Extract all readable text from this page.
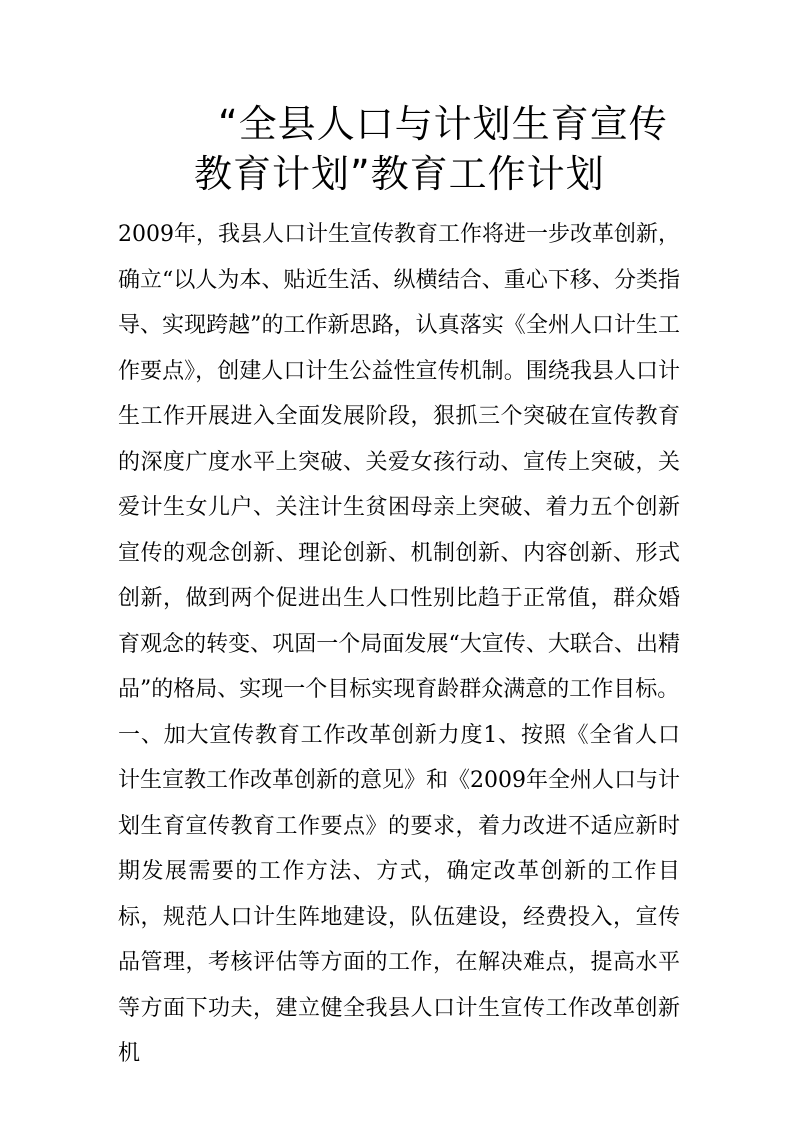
“全县人口与计划生育宣传
教育计划”教育工作计划

2009年，我县人口计生宣传教育工作将进一步改革创新，确立“以人为本、贴近生活、纵横结合、重心下移、分类指导、实现跨越”的工作新思路，认真落实《全州人口计生工作要点》，创建人口计生公益性宣传机制。围绕我县人口计生工作开展进入全面发展阶段，狠抓三个突破在宣传教育的深度广度水平上突破、关爱女孩行动、宣传上突破，关爱计生女儿户、关注计生贫困母亲上突破、着力五个创新宣传的观念创新、理论创新、机制创新、内容创新、形式创新，做到两个促进出生人口性别比趋于正常值，群众婚育观念的转变、巩固一个局面发展“大宣传、大联合、出精品”的格局、实现一个目标实现育龄群众满意的工作目标。

一、加大宣传教育工作改革创新力度1、按照《全省人口计生宣教工作改革创新的意见》和《2009年全州人口与计划生育宣传教育工作要点》的要求，着力改进不适应新时期发展需要的工作方法、方式，确定改革创新的工作目标，规范人口计生阵地建设，队伍建设，经费投入，宣传品管理，考核评估等方面的工作，在解决难点，提高水平等方面下功夫，建立健全我县人口计生宣传工作改革创新机
